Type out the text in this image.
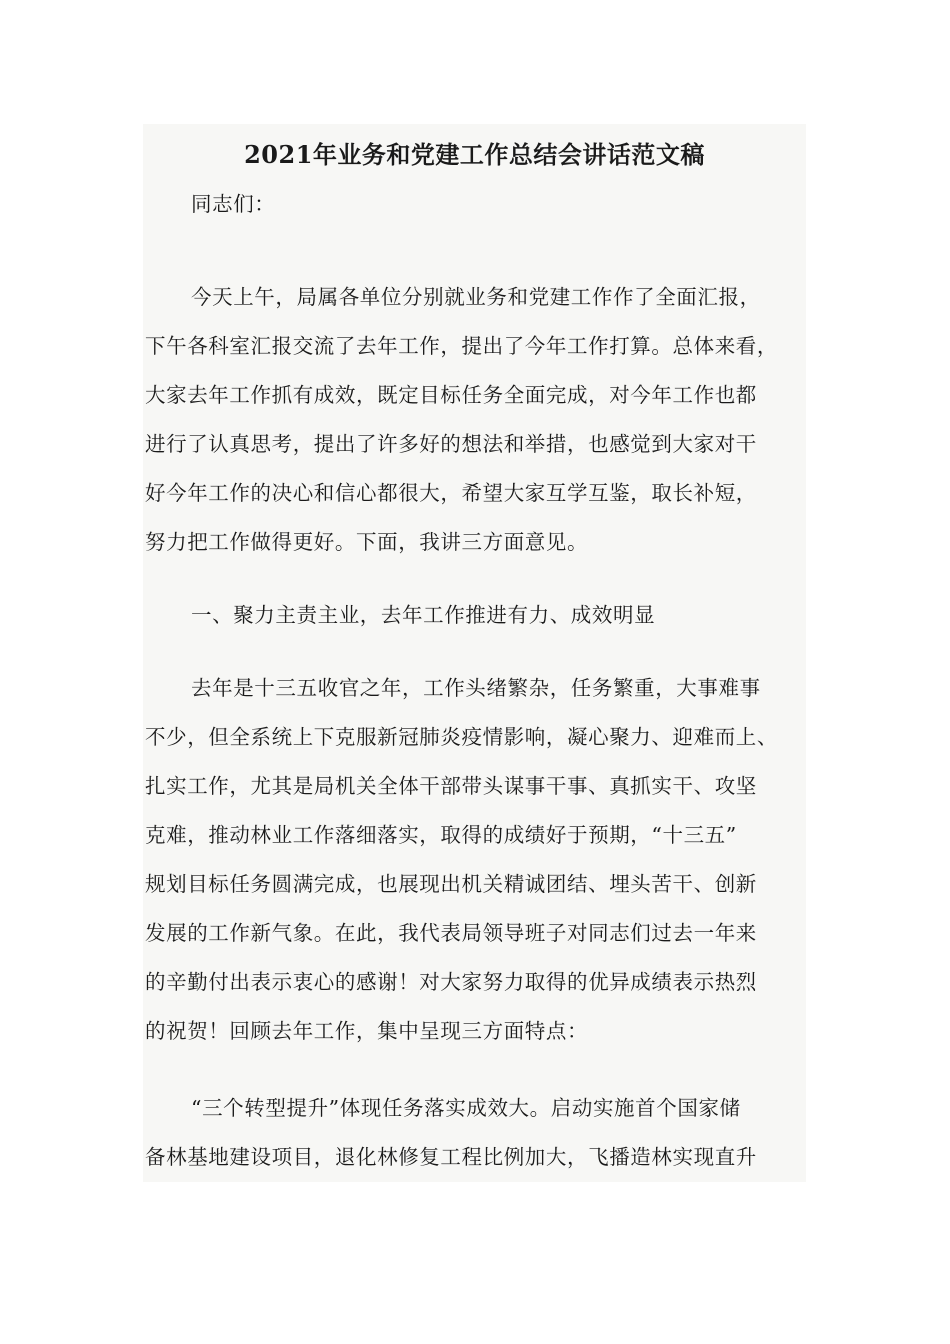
2021年业务和党建工作总结会讲话范文稿
同志们：
今天上午，局属各单位分别就业务和党建工作作了全面汇报，
下午各科室汇报交流了去年工作，提出了今年工作打算。总体来看，
大家去年工作抓有成效，既定目标任务全面完成，对今年工作也都
进行了认真思考，提出了许多好的想法和举措，也感觉到大家对干
好今年工作的决心和信心都很大，希望大家互学互鉴，取长补短，
努力把工作做得更好。下面，我讲三方面意见。
一、聚力主责主业，去年工作推进有力、成效明显
去年是十三五收官之年，工作头绪繁杂，任务繁重，大事难事
不少，但全系统上下克服新冠肺炎疫情影响，凝心聚力、迎难而上、
扎实工作，尤其是局机关全体干部带头谋事干事、真抓实干、攻坚
克难，推动林业工作落细落实，取得的成绩好于预期，“十三五”
规划目标任务圆满完成，也展现出机关精诚团结、埋头苦干、创新
发展的工作新气象。在此，我代表局领导班子对同志们过去一年来
的辛勤付出表示衷心的感谢！对大家努力取得的优异成绩表示热烈
的祝贺！回顾去年工作，集中呈现三方面特点：
“三个转型提升”体现任务落实成效大。启动实施首个国家储
备林基地建设项目，退化林修复工程比例加大，飞播造林实现直升
